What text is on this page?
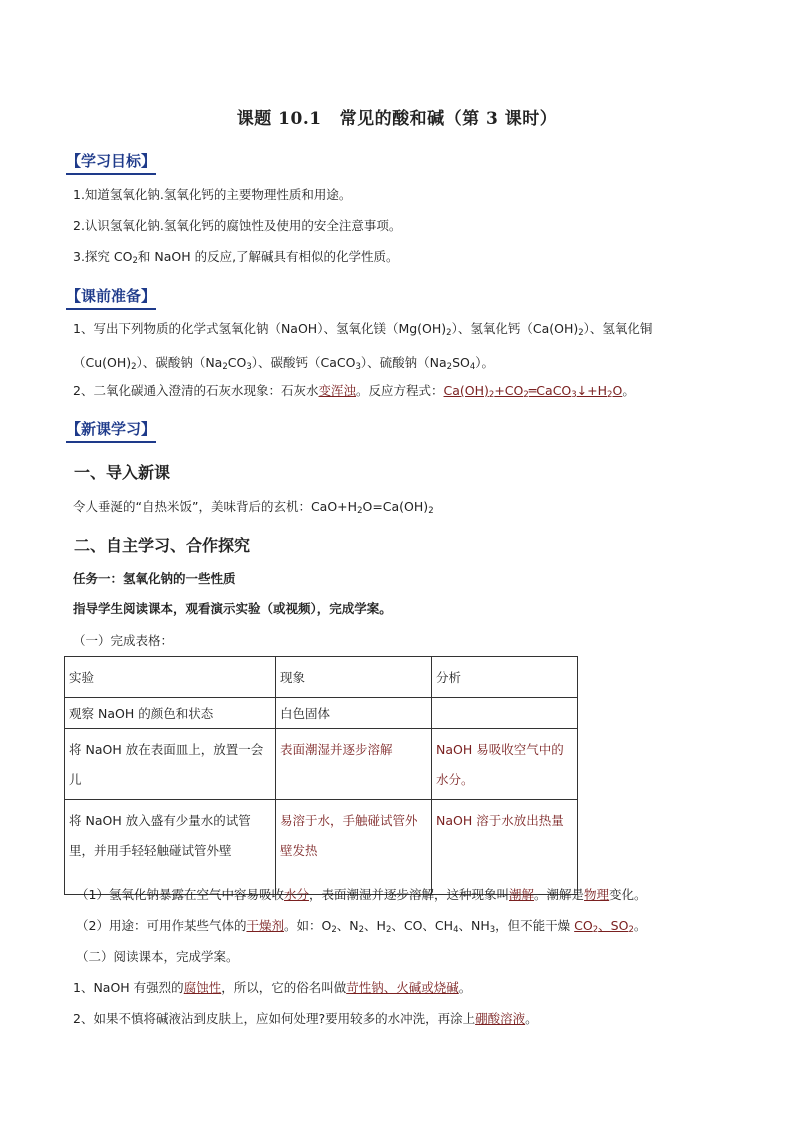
课题 10.1 常见的酸和碱（第 3 课时）
【学习目标】
1.知道氢氧化钠.氢氧化钙的主要物理性质和用途。
2.认识氢氧化钠.氢氧化钙的腐蚀性及使用的安全注意事项。
3.探究 $CO_2$和 NaOH 的反应,了解碱具有相似的化学性质。
【课前准备】
1、写出下列物质的化学式氢氧化钠（NaOH）、氢氧化镁$(Mg(OH)_2)$、氢氧化钙$(Ca(OH)_2)$、氢氧化铜$(Cu(OH)_2)$、碳酸钠$(Na_2CO_3)$、碳酸钙（CaCO$_3$）、硫酸钠$(Na_2SO_4)$。
2、二氧化碳通入澄清的石灰水现象：石灰水变浑浊。反应方程式：$Ca(OH)_2+CO_2═CaCO_3↓+H_2O$。
【新课学习】
一、导入新课
令人垂涎的“自热米饭”，美味背后的玄机：$CaO+H_2O=Ca(OH)_2$
二、自主学习、合作探究
任务一：氢氧化钠的一些性质
指导学生阅读课本，观看演示实验（或视频），完成学案。
（一）完成表格：
实验	现象	分析
观察 NaOH 的颜色和状态	白色固体	
将 NaOH 放在表面皿上，放置一会儿	表面潮湿并逐步溶解	NaOH 易吸收空气中的水分。
将 NaOH 放入盛有少量水的试管里，并用手轻轻触碰试管外壁	易溶于水，手触碰试管外壁发热	NaOH 溶于水放出热量
（1）氢氧化钠暴露在空气中容易吸收水分，表面潮湿并逐步溶解，这种现象叫潮解。潮解是物理变化。
（2）用途：可用作某些气体的干燥剂。如：$O_2$、$N_2$、$H_2$、CO、$CH_4$、$NH_3$，但不能干燥 $CO_2$、$SO_2$。
（二）阅读课本，完成学案。
1、NaOH 有强烈的腐蚀性，所以，它的俗名叫做苛性钠、火碱或烧碱。
2、如果不慎将碱液沾到皮肤上，应如何处理?要用较多的水冲洗，再涂上硼酸溶液。
